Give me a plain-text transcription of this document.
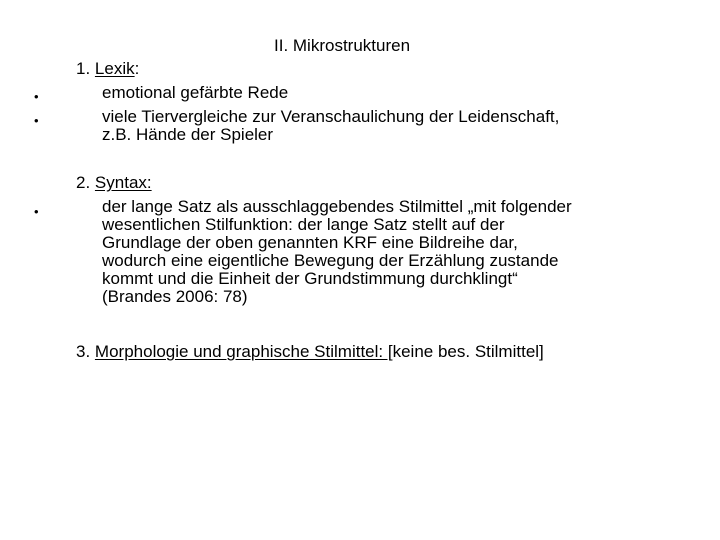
II. Mikrostrukturen
1. Lexik:
•	emotional gefärbte Rede
•	viele Tiervergleiche zur Veranschaulichung der Leidenschaft,
z.B. Hände der Spieler
2. Syntax:
•	der lange Satz als ausschlaggebendes Stilmittel „mit folgender
wesentlichen Stilfunktion: der lange Satz stellt auf der
Grundlage der oben genannten KRF eine Bildreihe dar,
wodurch eine eigentliche Bewegung der Erzählung zustande
kommt und die Einheit der Grundstimmung durchklingt“
(Brandes 2006: 78)
3. Morphologie und graphische Stilmittel: [keine bes. Stilmittel]
